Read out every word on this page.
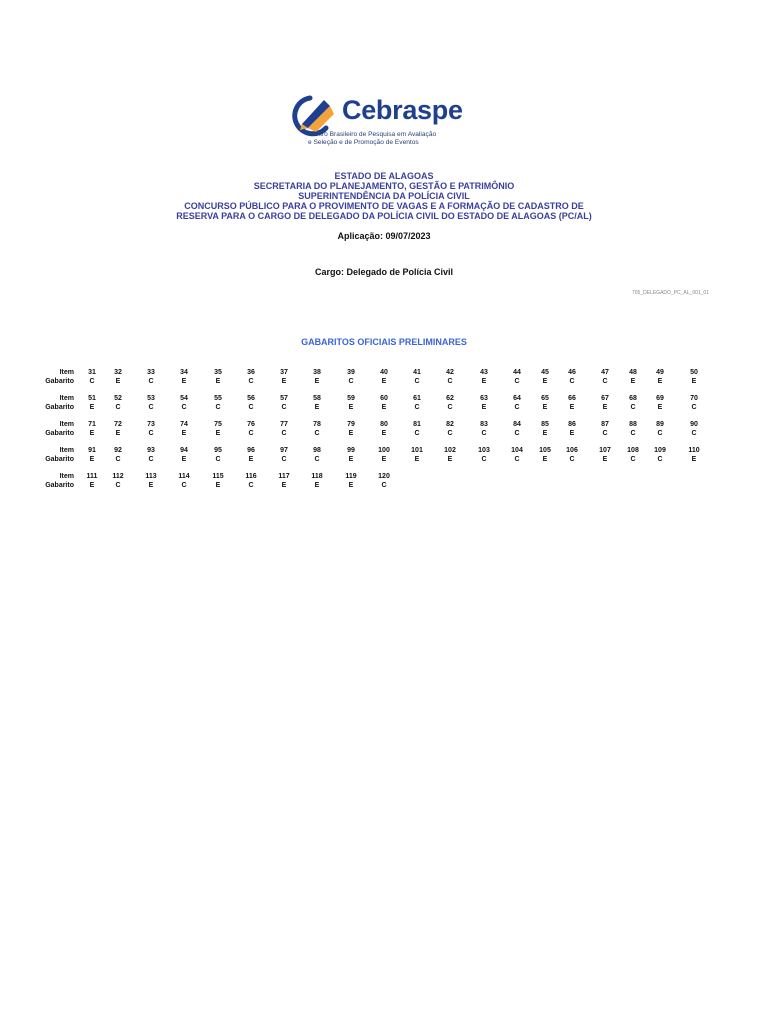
Cebraspe
Centro Brasileiro de Pesquisa em Avaliação
e Seleção e de Promoção de Eventos
ESTADO DE ALAGOAS
SECRETARIA DO PLANEJAMENTO, GESTÃO E PATRIMÔNIO
SUPERINTENDÊNCIA DA POLÍCIA CIVIL
CONCURSO PÚBLICO PARA O PROVIMENTO DE VAGAS E A FORMAÇÃO DE CADASTRO DE
RESERVA PARA O CARGO DE DELEGADO DA POLÍCIA CIVIL DO ESTADO DE ALAGOAS (PC/AL)
Aplicação: 09/07/2023
Cargo: Delegado de Polícia Civil
705_DELEGADO_PC_AL_001_01
GABARITOS OFICIAIS PRELIMINARES
Item
Gabarito
31
C
32
E
33
C
34
E
35
E
36
C
37
E
38
E
39
C
40
E
41
C
42
C
43
E
44
C
45
E
46
C
47
C
48
E
49
E
50
E
Item
Gabarito
51
E
52
C
53
C
54
C
55
C
56
C
57
C
58
E
59
E
60
E
61
C
62
C
63
E
64
C
65
E
66
E
67
E
68
C
69
E
70
C
Item
Gabarito
71
E
72
E
73
C
74
E
75
E
76
C
77
C
78
C
79
E
80
E
81
C
82
C
83
C
84
C
85
E
86
E
87
C
88
C
89
C
90
C
Item
Gabarito
91
E
92
C
93
C
94
E
95
C
96
E
97
C
98
C
99
E
100
E
101
E
102
E
103
C
104
C
105
E
106
C
107
E
108
C
109
C
110
E
Item
Gabarito
111
E
112
C
113
E
114
C
115
E
116
C
117
E
118
E
119
E
120
C
